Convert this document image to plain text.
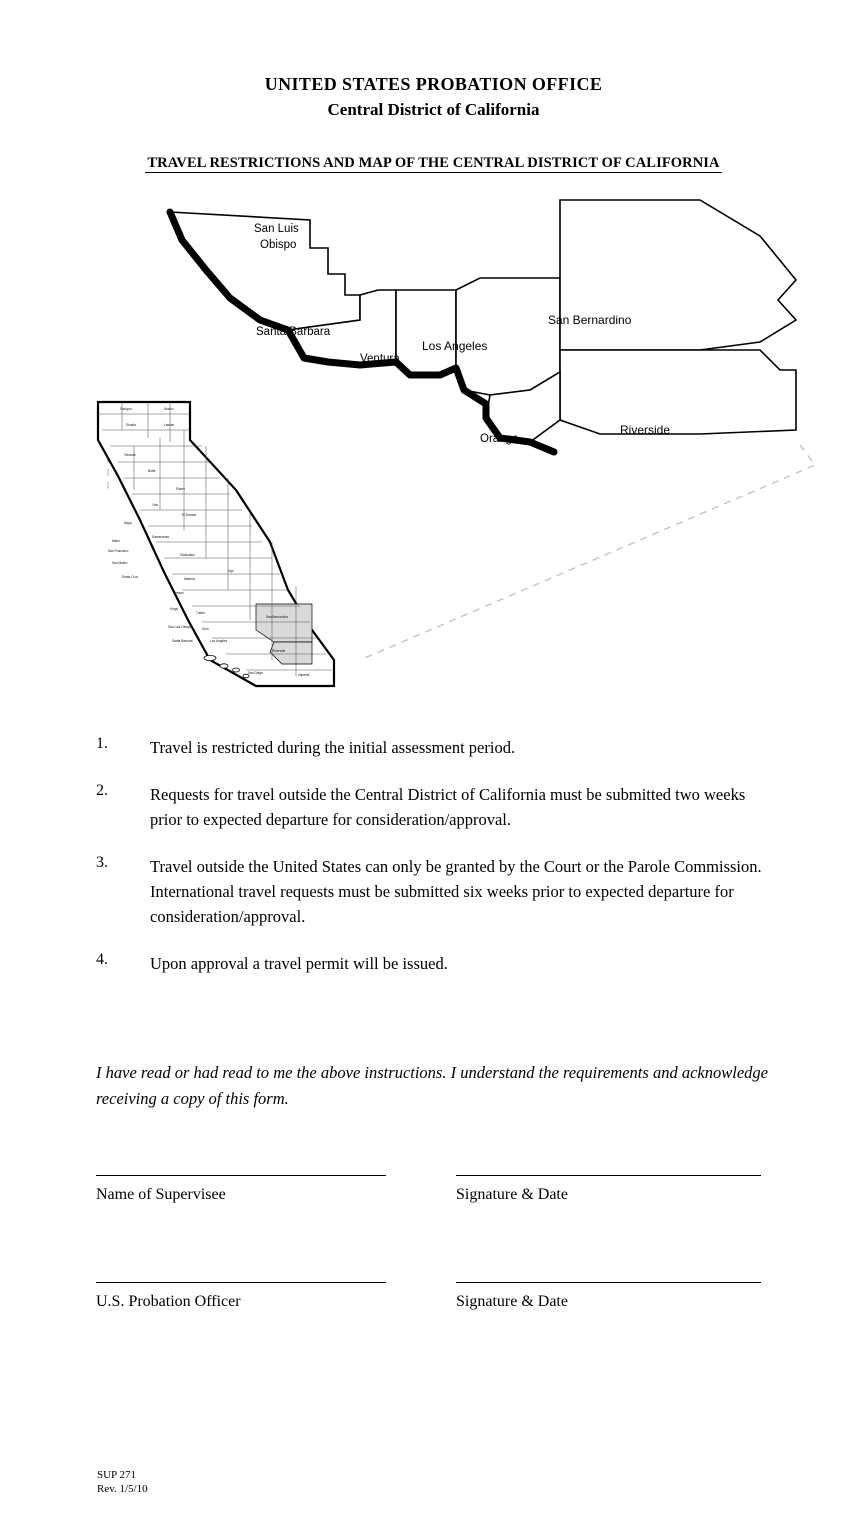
UNITED STATES PROBATION OFFICE
Central District of California
TRAVEL RESTRICTIONS AND MAP OF THE CENTRAL DISTRICT OF CALIFORNIA
San Luis
Obispo
Santa Barbara
Ventura
Los Angeles
San Bernardino
Orange
Riverside
Siskiyou	Modoc
Shasta	Lassen
Tehama
Butte
Placer
Yolo
El Dorado
Napa
Sacramento
Marin
San Francisco
San Mateo
Stanislaus
Santa Cruz	Madera
Fresno
Inyo
Kings
Tulare
San Luis Obispo	Kern
San Bernardino
Santa Barbara	Los Angeles
Riverside
San Diego	Imperial
1.	Travel is restricted during the initial assessment period.
2.	Requests for travel outside the Central District of California must be submitted two weeks prior to expected departure for consideration/approval.
3.	Travel outside the United States can only be granted by the Court or the Parole Commission. International travel requests must be submitted six weeks prior to expected departure for consideration/approval.
4.	Upon approval a travel permit will be issued.
I have read or had read to me the above instructions. I understand the requirements and acknowledge receiving a copy of this form.
Name of Supervisee	Signature & Date
U.S. Probation Officer	Signature & Date
SUP 271
Rev. 1/5/10
